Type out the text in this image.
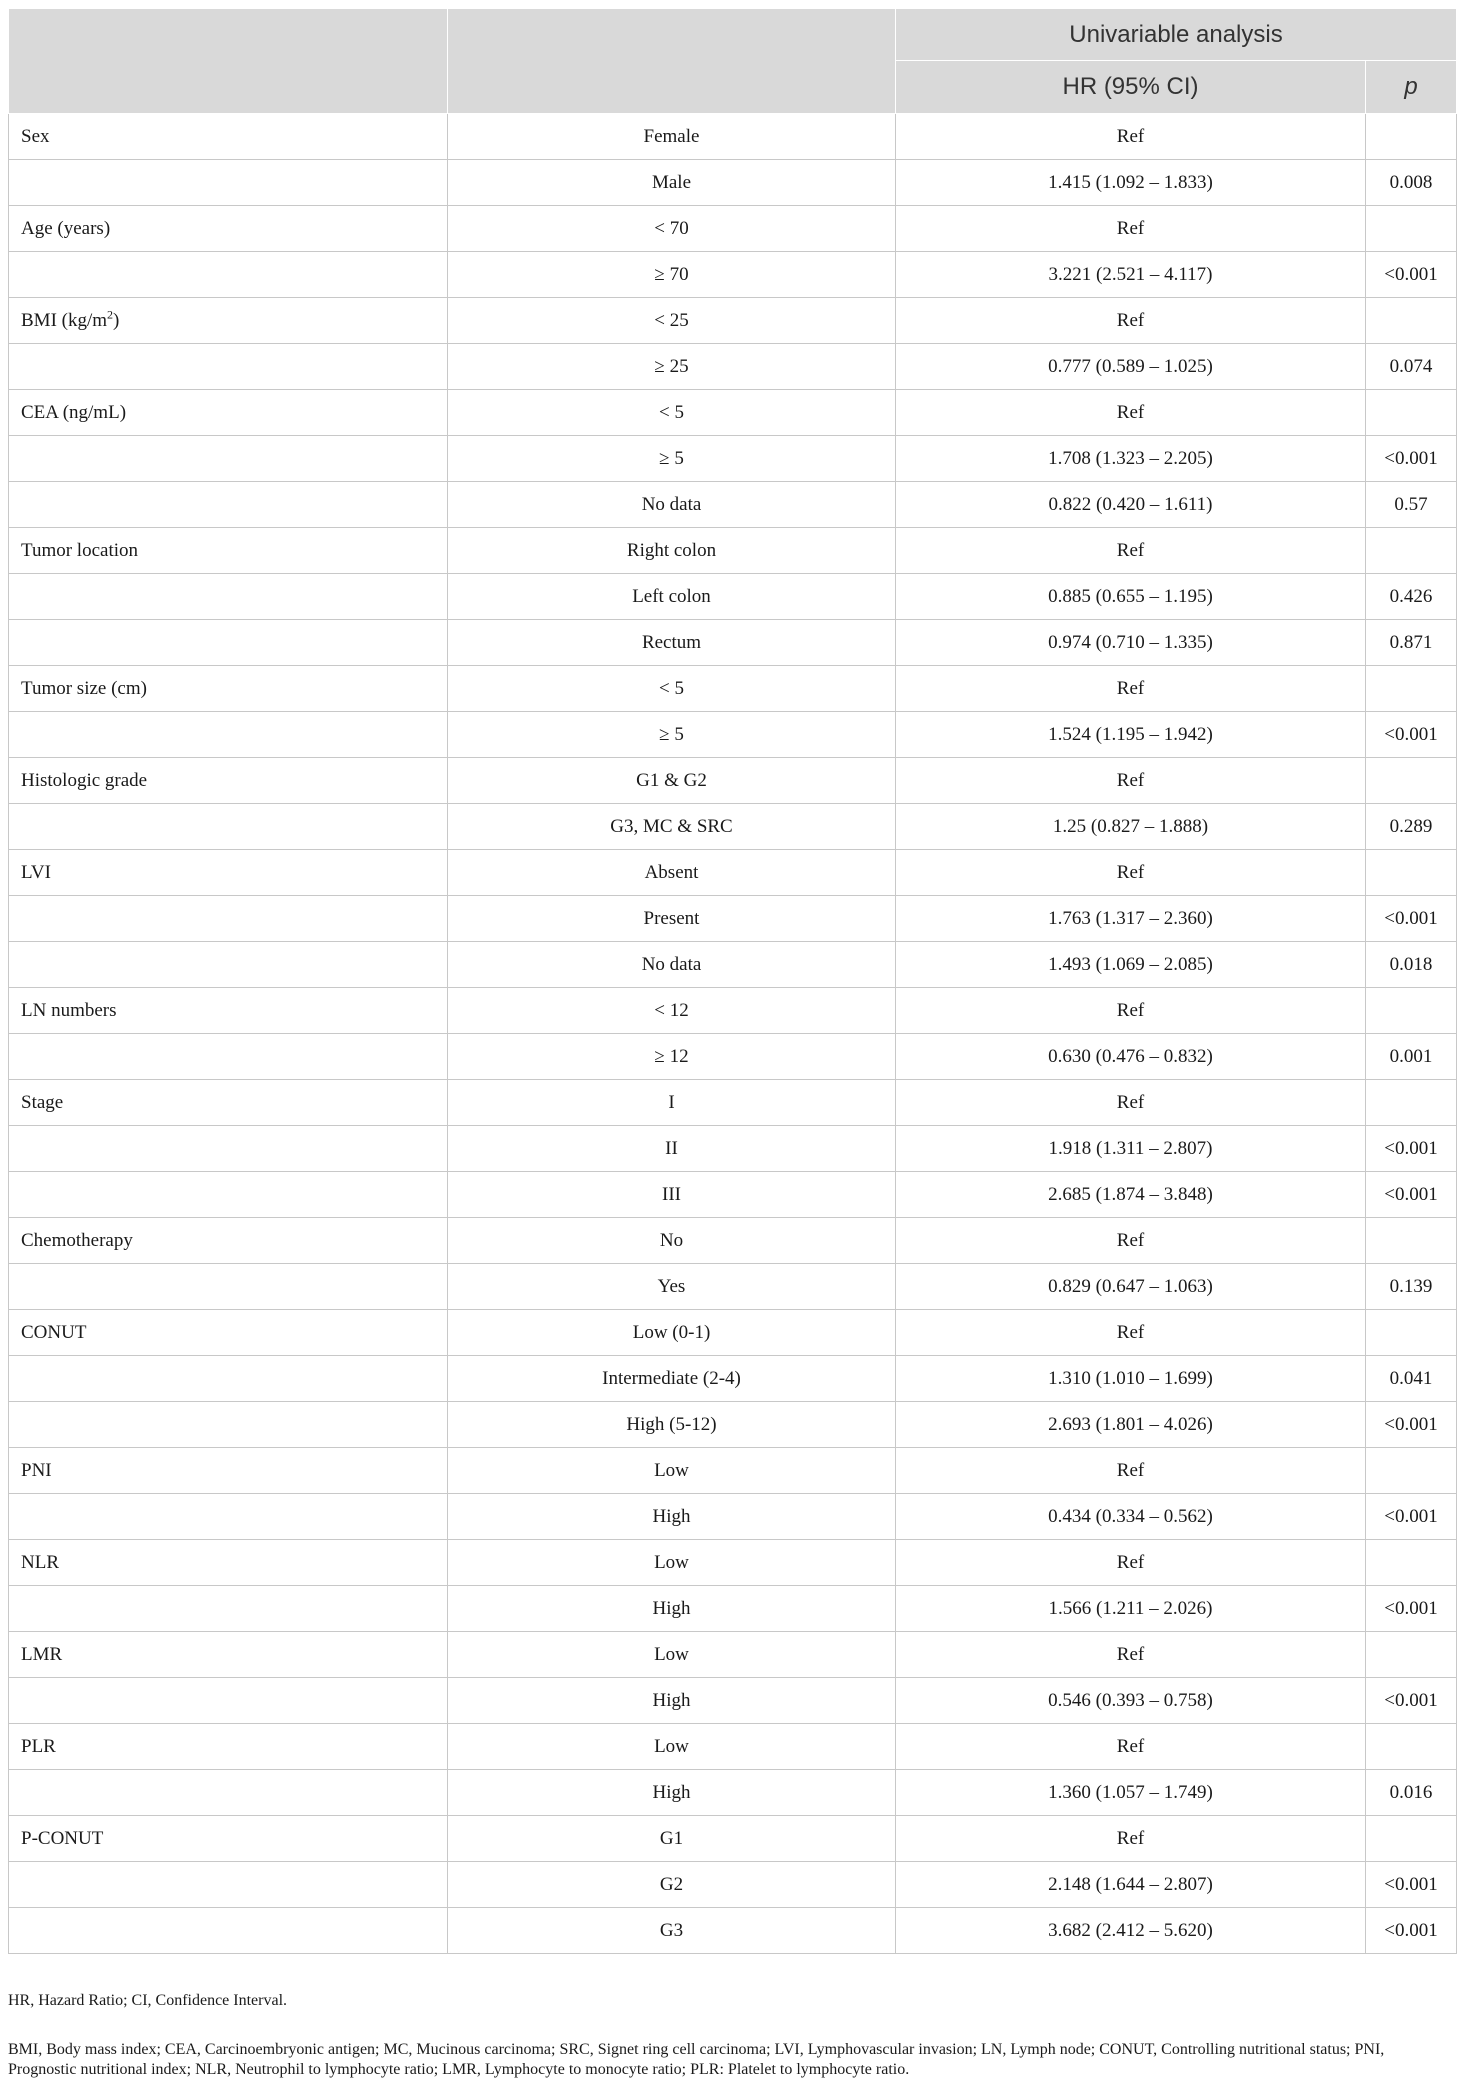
		Univariable analysis	
		HR (95% CI)	p
Sex	Female	Ref	
	Male	1.415 (1.092 – 1.833)	0.008
Age (years)	< 70	Ref	
	≥ 70	3.221 (2.521 – 4.117)	<0.001
BMI $(kg/m^2)$	< 25	Ref	
	≥ 25	0.777 (0.589 – 1.025)	0.074
CEA (ng/mL)	< 5	Ref	
	≥ 5	1.708 (1.323 – 2.205)	<0.001
	No data	0.822 (0.420 – 1.611)	0.57
Tumor location	Right colon	Ref	
	Left colon	0.885 (0.655 – 1.195)	0.426
	Rectum	0.974 (0.710 – 1.335)	0.871
Tumor size (cm)	< 5	Ref	
	≥ 5	1.524 (1.195 – 1.942)	<0.001
Histologic grade	G1 & G2	Ref	
	G3, MC & SRC	1.25 (0.827 – 1.888)	0.289
LVI	Absent	Ref	
	Present	1.763 (1.317 – 2.360)	<0.001
	No data	1.493 (1.069 – 2.085)	0.018
LN numbers	< 12	Ref	
	≥ 12	0.630 (0.476 – 0.832)	0.001
Stage	I	Ref	
	II	1.918 (1.311 – 2.807)	<0.001
	III	2.685 (1.874 – 3.848)	<0.001
Chemotherapy	No	Ref	
	Yes	0.829 (0.647 – 1.063)	0.139
CONUT	Low (0-1)	Ref	
	Intermediate (2-4)	1.310 (1.010 – 1.699)	0.041
	High (5-12)	2.693 (1.801 – 4.026)	<0.001
PNI	Low	Ref	
	High	0.434 (0.334 – 0.562)	<0.001
NLR	Low	Ref	
	High	1.566 (1.211 – 2.026)	<0.001
LMR	Low	Ref	
	High	0.546 (0.393 – 0.758)	<0.001
PLR	Low	Ref	
	High	1.360 (1.057 – 1.749)	0.016
P-CONUT	G1	Ref	
	G2	2.148 (1.644 – 2.807)	<0.001
	G3	3.682 (2.412 – 5.620)	<0.001
HR, Hazard Ratio; CI, Confidence Interval.

BMI, Body mass index; CEA, Carcinoembryonic antigen; MC, Mucinous carcinoma; SRC, Signet ring cell carcinoma; LVI, Lymphovascular invasion; LN, Lymph node; CONUT, Controlling nutritional status; PNI, Prognostic nutritional index; NLR, Neutrophil to lymphocyte ratio; LMR, Lymphocyte to monocyte ratio; PLR: Platelet to lymphocyte ratio.
